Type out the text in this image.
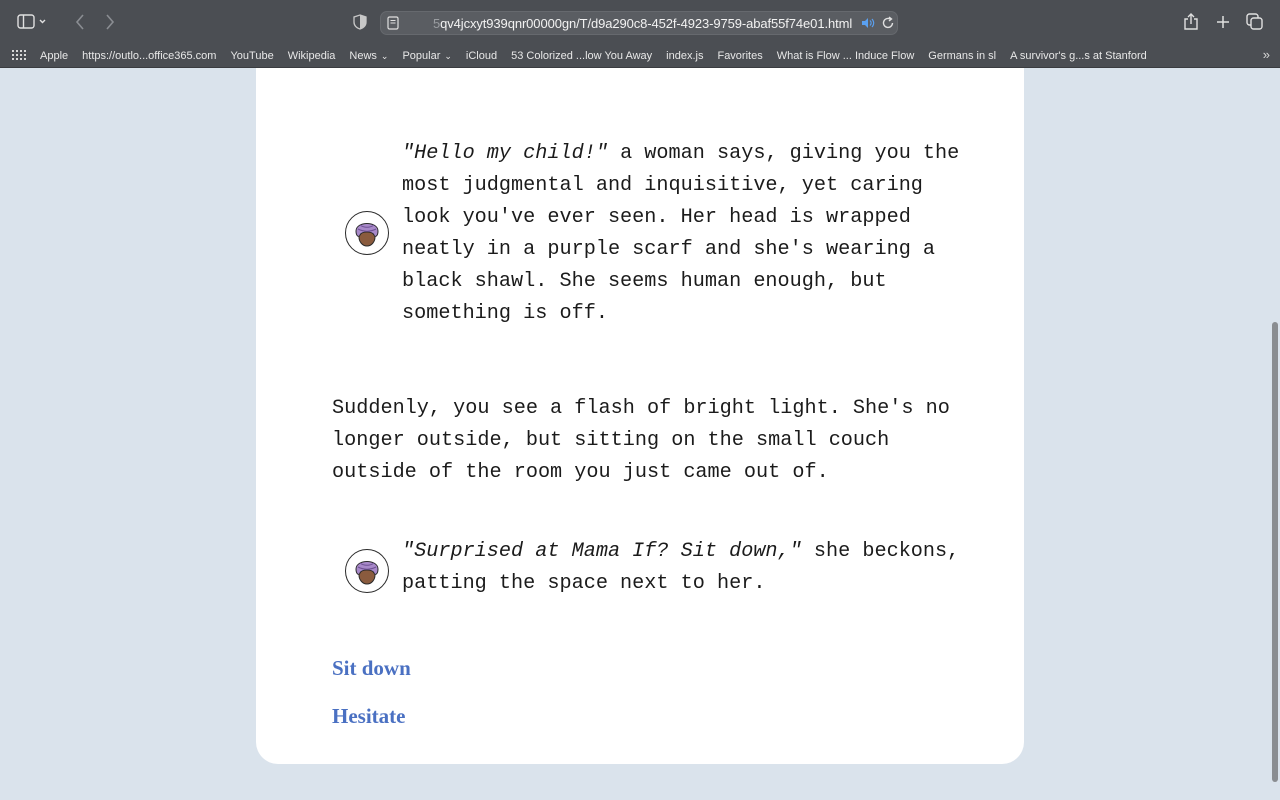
5qv4jcxyt939qnr00000gn/T/d9a290c8-452f-4923-9759-abaf55f74e01.html
Apple https://outlo...office365.com YouTube Wikipedia News ⌄ Popular ⌄ iCloud 53 Colorized ...low You Away index.js Favorites What is Flow ... Induce Flow Germans in sl A survivor's g...s at Stanford	»
"Hello my child!" a woman says, giving you the most judgmental and inquisitive, yet caring look you've ever seen. Her head is wrapped neatly in a purple scarf and she's wearing a black shawl. She seems human enough, but something is off.
Suddenly, you see a flash of bright light. She's no longer outside, but sitting on the small couch outside of the room you just came out of.
"Surprised at Mama If? Sit down," she beckons, patting the space next to her.
Sit down
Hesitate
